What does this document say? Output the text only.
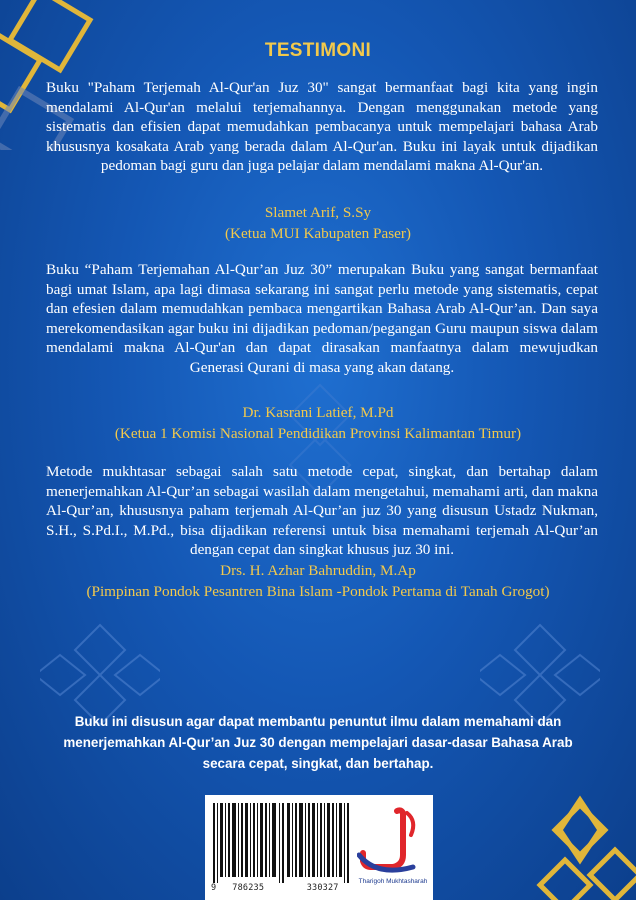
TESTIMONI
Buku "Paham Terjemah Al-Qur'an Juz 30" sangat bermanfaat bagi kita yang ingin mendalami Al-Qur'an melalui terjemahannya. Dengan menggunakan metode yang sistematis dan efisien dapat memudahkan pembacanya untuk mempelajari bahasa Arab khususnya kosakata Arab yang berada dalam Al-Qur'an. Buku ini layak untuk dijadikan pedoman bagi guru dan juga pelajar dalam mendalami makna Al-Qur'an.
Slamet Arif, S.Sy
(Ketua MUI Kabupaten Paser)
Buku “Paham Terjemahan Al-Qur’an Juz 30” merupakan Buku yang sangat bermanfaat bagi umat Islam, apa lagi dimasa sekarang ini sangat perlu metode yang sistematis, cepat dan efesien dalam memudahkan pembaca mengartikan Bahasa Arab Al-Qur’an. Dan saya merekomendasikan agar buku ini dijadikan pedoman/pegangan Guru maupun siswa dalam mendalami makna Al-Qur'an dan dapat dirasakan manfaatnya dalam mewujudkan Generasi Qurani di masa yang akan datang.
Dr. Kasrani Latief, M.Pd
(Ketua 1 Komisi Nasional Pendidikan Provinsi Kalimantan Timur)
Metode mukhtasar sebagai salah satu metode cepat, singkat, dan bertahap dalam menerjemahkan Al-Qur’an sebagai wasilah dalam mengetahui, memahami arti, dan makna Al-Qur’an, khususnya paham terjemah Al-Qur’an juz 30 yang disusun Ustadz Nukman, S.H., S.Pd.I., M.Pd., bisa dijadikan referensi untuk bisa memahami terjemah Al-Qur’an dengan cepat dan singkat khusus juz 30 ini.
Drs. H. Azhar Bahruddin, M.Ap
(Pimpinan Pondok Pesantren Bina Islam -Pondok Pertama di Tanah Grogot)
Buku ini disusun agar dapat membantu penuntut ilmu dalam memahami dan menerjemahkan Al-Qur’an Juz 30 dengan mempelajari dasar-dasar Bahasa Arab secara cepat, singkat, dan bertahap.
9   786235        330327
Tharigoh Mukhtasharah
